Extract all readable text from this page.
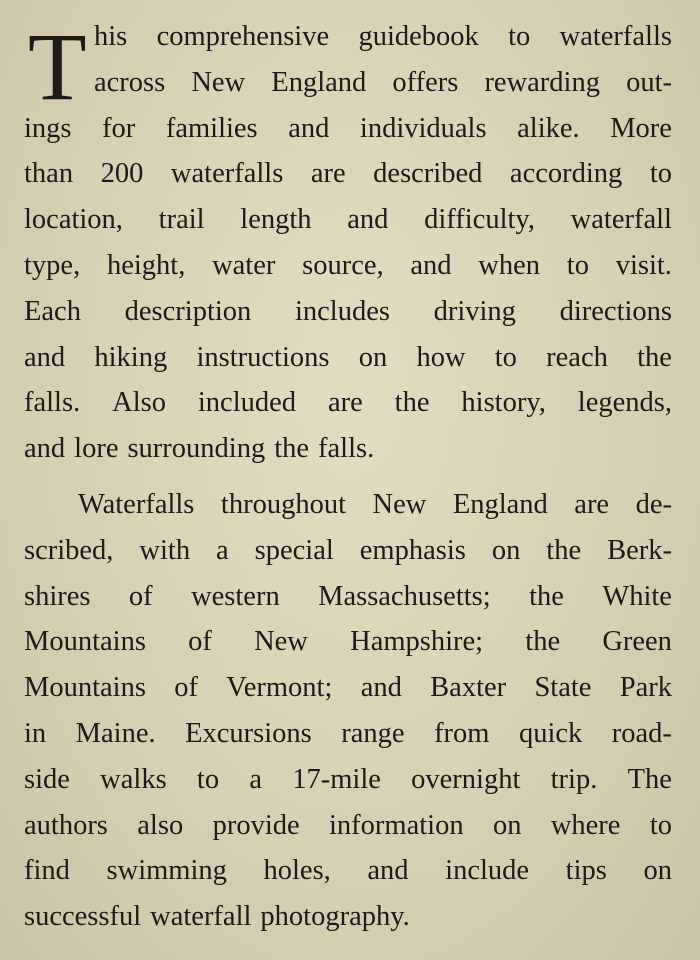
T his comprehensive guidebook to waterfalls
across New England offers rewarding out-
ings for families and individuals alike. More
than 200 waterfalls are described according to
location, trail length and difficulty, waterfall
type, height, water source, and when to visit.
Each description includes driving directions
and hiking instructions on how to reach the
falls. Also included are the history, legends,
and lore surrounding the falls.
Waterfalls throughout New England are de-
scribed, with a special emphasis on the Berk-
shires of western Massachusetts; the White
Mountains of New Hampshire; the Green
Mountains of Vermont; and Baxter State Park
in Maine. Excursions range from quick road-
side walks to a 17-mile overnight trip. The
authors also provide information on where to
find swimming holes, and include tips on
successful waterfall photography.
